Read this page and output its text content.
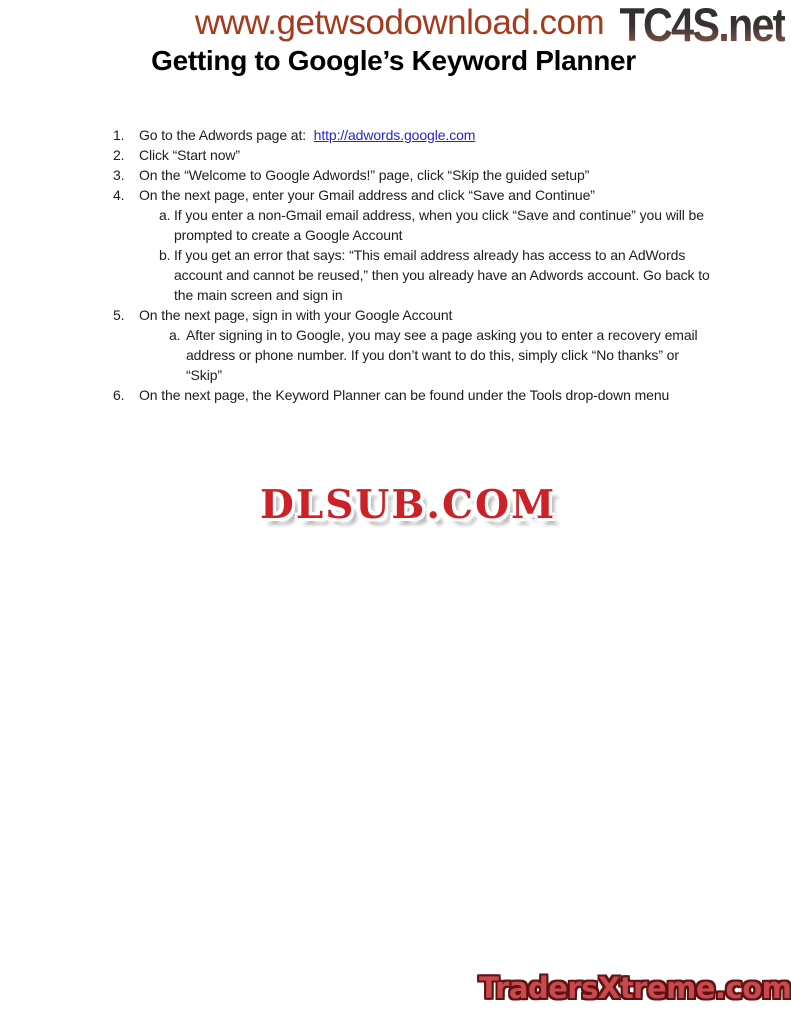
www.getwsodownload.com TC4S.net
Getting to Google’s Keyword Planner

1.

Go to the Adwords page at:  http://adwords.google.com

2.

Click “Start now”

3.

On the “Welcome to Google Adwords!” page, click “Skip the guided setup”

4.

On the next page, enter your Gmail address and click “Save and Continue”

a.

If you enter a non-Gmail email address, when you click “Save and continue” you will be

prompted to create a Google Account

b.

If you get an error that says: “This email address already has access to an AdWords

account and cannot be reused,” then you already have an Adwords account. Go back to

the main screen and sign in

5.

On the next page, sign in with your Google Account

a.

After signing in to Google, you may see a page asking you to enter a recovery email

address or phone number. If you don’t want to do this, simply click “No thanks” or

“Skip”

6.

On the next page, the Keyword Planner can be found under the Tools drop-down menu

DLSUB.COM
TradersXtreme.com
